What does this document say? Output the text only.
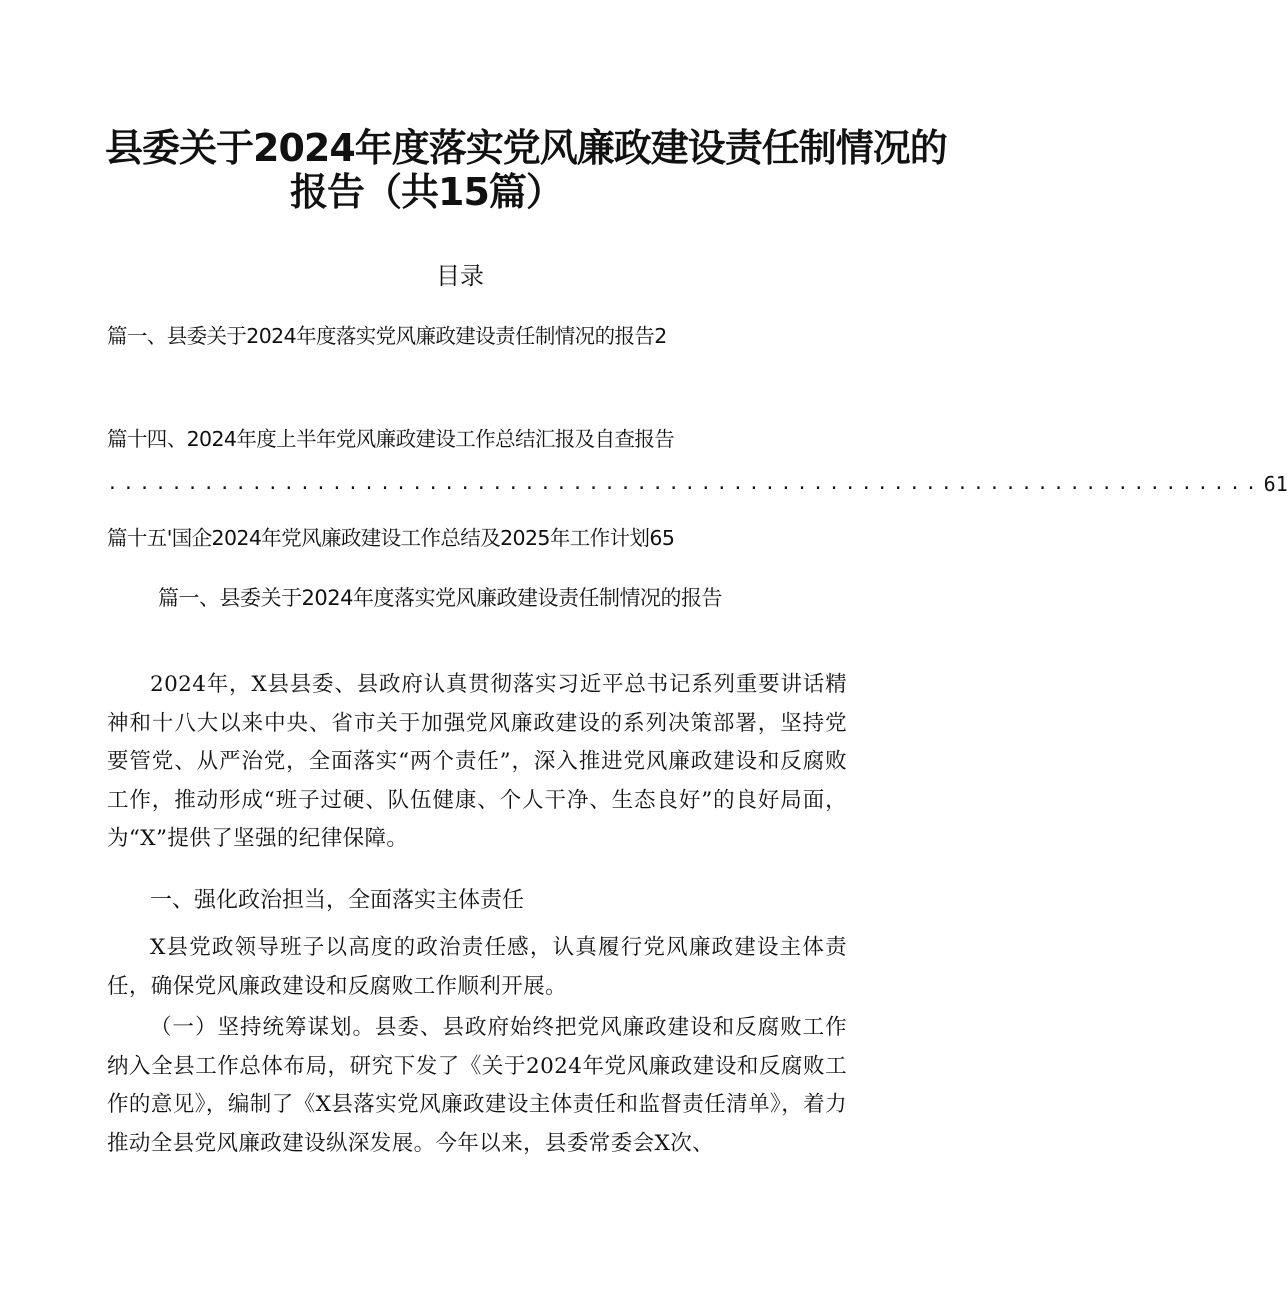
县委关于2024年度落实党风廉政建设责任制情况的
报告（共15篇）
目录
篇一、县委关于2024年度落实党风廉政建设责任制情况的报告2
篇十四、2024年度上半年党风廉政建设工作总结汇报及自查报告
........................................................................ 61
篇十五'国企2024年党风廉政建设工作总结及2025年工作计划65
篇一、县委关于2024年度落实党风廉政建设责任制情况的报告
2024年，X县县委、县政府认真贯彻落实习近平总书记系列重要讲话精神和十八大以来中央、省市关于加强党风廉政建设的系列决策部署，坚持党要管党、从严治党，全面落实“两个责任”，深入推进党风廉政建设和反腐败工作，推动形成“班子过硬、队伍健康、个人干净、生态良好”的良好局面，为“X”提供了坚强的纪律保障。
一、强化政治担当，全面落实主体责任
X县党政领导班子以高度的政治责任感，认真履行党风廉政建设主体责任，确保党风廉政建设和反腐败工作顺利开展。
（一）坚持统筹谋划。县委、县政府始终把党风廉政建设和反腐败工作纳入全县工作总体布局，研究下发了《关于2024年党风廉政建设和反腐败工作的意见》，编制了《X县落实党风廉政建设主体责任和监督责任清单》，着力推动全县党风廉政建设纵深发展。今年以来，县委常委会X次、
